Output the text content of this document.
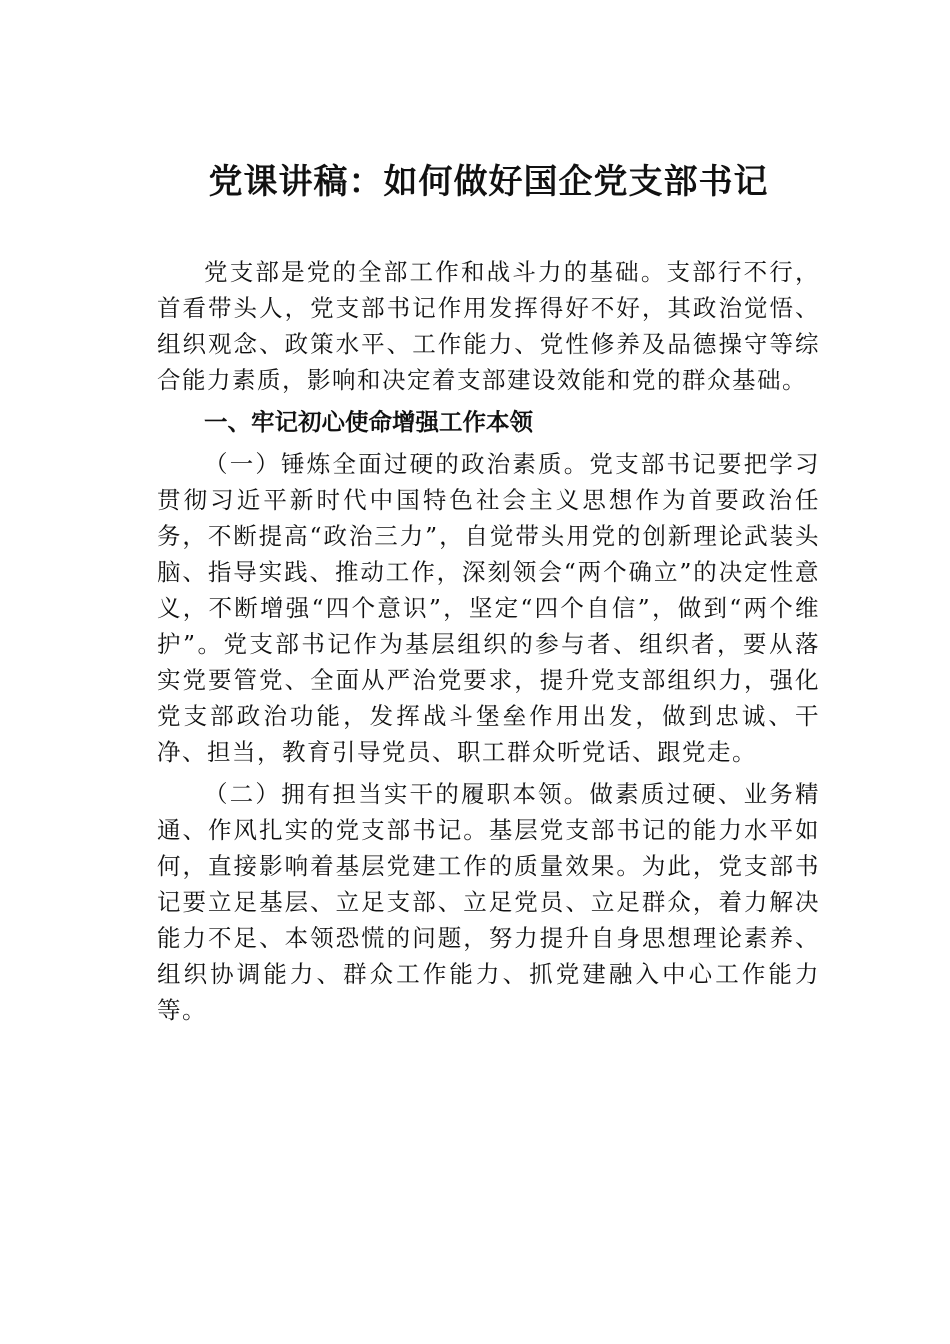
党课讲稿：如何做好国企党支部书记

党支部是党的全部工作和战斗力的基础。支部行不行，首看带头人，党支部书记作用发挥得好不好，其政治觉悟、组织观念、政策水平、工作能力、党性修养及品德操守等综合能力素质，影响和决定着支部建设效能和党的群众基础。

一、牢记初心使命增强工作本领

（一）锤炼全面过硬的政治素质。党支部书记要把学习贯彻习近平新时代中国特色社会主义思想作为首要政治任务，不断提高“政治三力”，自觉带头用党的创新理论武装头脑、指导实践、推动工作，深刻领会“两个确立”的决定性意义，不断增强“四个意识”，坚定“四个自信”，做到“两个维护”。党支部书记作为基层组织的参与者、组织者，要从落实党要管党、全面从严治党要求，提升党支部组织力，强化党支部政治功能，发挥战斗堡垒作用出发，做到忠诚、干净、担当，教育引导党员、职工群众听党话、跟党走。

（二）拥有担当实干的履职本领。做素质过硬、业务精通、作风扎实的党支部书记。基层党支部书记的能力水平如何，直接影响着基层党建工作的质量效果。为此，党支部书记要立足基层、立足支部、立足党员、立足群众，着力解决能力不足、本领恐慌的问题，努力提升自身思想理论素养、组织协调能力、群众工作能力、抓党建融入中心工作能力等。
